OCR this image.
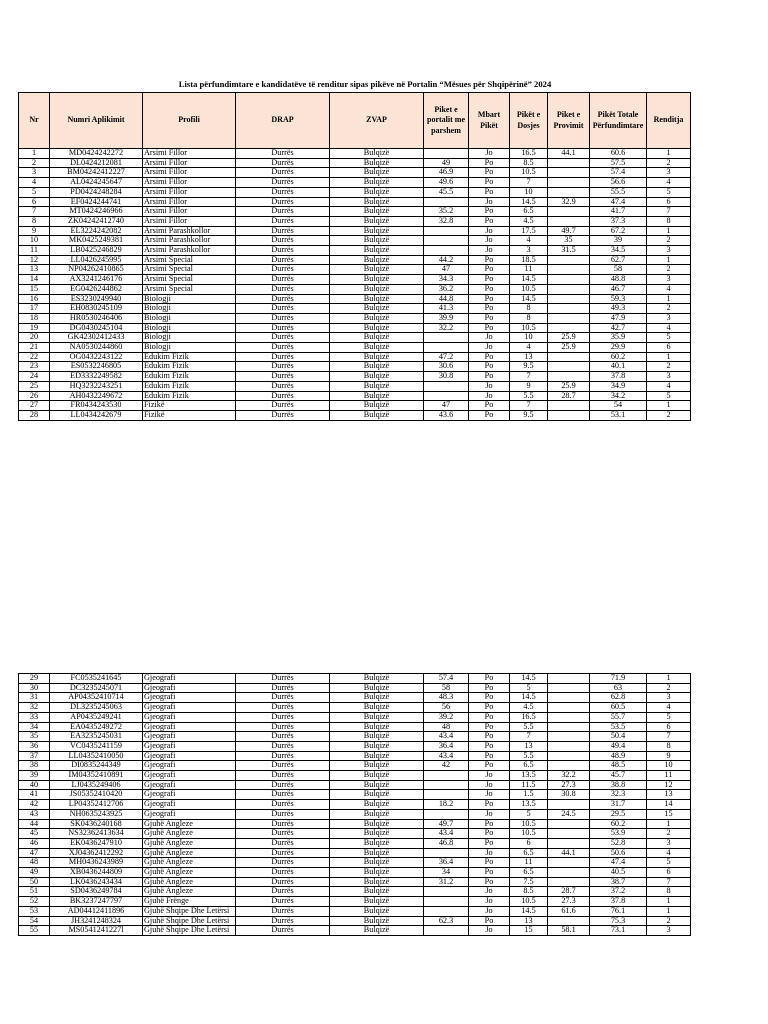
Lista përfundimtare e kandidatëve të renditur sipas pikëve në Portalin “Mësues për Shqipërinë” 2024
Nr	Numri Aplikimit	Profili	DRAP	ZVAP	Piket e portalit me parshem	Mbart Pikët	Pikët e Dosjes	Piket e Provimit	Pikët Totale Përfundimtare	Renditja
1	MD0424242272	Arsimi Fillor	Durrës	Bulqizë		Jo	16.5	44.1	60.6	1
2	DL0424212081	Arsimi Fillor	Durrës	Bulqizë	49	Po	8.5		57.5	2
3	BM04242412227	Arsimi Fillor	Durrës	Bulqizë	46.9	Po	10.5		57.4	3
4	AL0424245647	Arsimi Fillor	Durrës	Bulqizë	49.6	Po	7		56.6	4
5	PD0424248284	Arsimi Fillor	Durrës	Bulqizë	45.5	Po	10		55.5	5
6	EF0424244741	Arsimi Fillor	Durrës	Bulqizë		Jo	14.5	32.9	47.4	6
7	MT0424246966	Arsimi Fillor	Durrës	Bulqizë	35.2	Po	6.5		41.7	7
8	ZK04242412740	Arsimi Fillor	Durrës	Bulqizë	32.8	Po	4.5		37.3	8
9	EL3224242082	Arsimi Parashkollor	Durrës	Bulqizë		Jo	17.5	49.7	67.2	1
10	MK0425249381	Arsimi Parashkollor	Durrës	Bulqizë		Jo	4	35	39	2
11	LB0425246829	Arsimi Parashkollor	Durrës	Bulqizë		Jo	3	31.5	34.5	3
12	LL0426245995	Arsimi Special	Durrës	Bulqizë	44.2	Po	18.5		62.7	1
13	NP04262410865	Arsimi Special	Durrës	Bulqizë	47	Po	11		58	2
14	AX3241246176	Arsimi Special	Durrës	Bulqizë	34.3	Po	14.5		48.8	3
15	EG0426244862	Arsimi Special	Durrës	Bulqizë	36.2	Po	10.5		46.7	4
16	ES3230249940	Biologji	Durrës	Bulqizë	44.8	Po	14.5		59.3	1
17	EH0830245109	Biologji	Durrës	Bulqizë	41.3	Po	8		49.3	2
18	HR0530246406	Biologji	Durrës	Bulqizë	39.9	Po	8		47.9	3
19	DG0430245104	Biologji	Durrës	Bulqizë	32.2	Po	10.5		42.7	4
20	GK42302412433	Biologji	Durrës	Bulqizë		Jo	10	25.9	35.9	5
21	NA0530244860	Biologji	Durrës	Bulqizë		Jo	4	25.9	29.9	6
22	OG0432243122	Edukim Fizik	Durrës	Bulqizë	47.2	Po	13		60.2	1
23	ES0532246805	Edukim Fizik	Durrës	Bulqizë	30.6	Po	9.5		40.1	2
24	ED3332249582	Edukim Fizik	Durrës	Bulqizë	30.8	Po	7		37.8	3
25	HQ3232243251	Edukim Fizik	Durrës	Bulqizë		Jo	9	25.9	34.9	4
26	AH0432249672	Edukim Fizik	Durrës	Bulqizë		Jo	5.5	28.7	34.2	5
27	FR0434243530	Fizikë	Durrës	Bulqizë	47	Po	7		54	1
28	LL0434242679	Fizikë	Durrës	Bulqizë	43.6	Po	9.5		53.1	2
29	FC0535241645	Gjeografi	Durrës	Bulqizë	57.4	Po	14.5		71.9	1
30	DC3235245071	Gjeografi	Durrës	Bulqizë	58	Po	5		63	2
31	AP04352410714	Gjeografi	Durrës	Bulqizë	48.3	Po	14.5		62.8	3
32	DL3235245063	Gjeografi	Durrës	Bulqizë	56	Po	4.5		60.5	4
33	AP0435249241	Gjeografi	Durrës	Bulqizë	39.2	Po	16.5		55.7	5
34	EA0435249272	Gjeografi	Durrës	Bulqizë	48	Po	5.5		53.5	6
35	EA3235245031	Gjeografi	Durrës	Bulqizë	43.4	Po	7		50.4	7
36	VC0435241159	Gjeografi	Durrës	Bulqizë	36.4	Po	13		49.4	8
37	LL04352410050	Gjeografi	Durrës	Bulqizë	43.4	Po	5.5		48.9	9
38	DI0835244349	Gjeografi	Durrës	Bulqizë	42	Po	6.5		48.5	10
39	IM04352410891	Gjeografi	Durrës	Bulqizë		Jo	13.5	32.2	45.7	11
40	LJ0435249406	Gjeografi	Durrës	Bulqizë		Jo	11.5	27.3	38.8	12
41	JS05352410420	Gjeografi	Durrës	Bulqizë		Jo	1.5	30.8	32.3	13
42	LP04352412706	Gjeografi	Durrës	Bulqizë	18.2	Po	13.5		31.7	14
43	NH0635243925	Gjeografi	Durrës	Bulqizë		Jo	5	24.5	29.5	15
44	SK0436240168	Gjuhë Angleze	Durrës	Bulqizë	49.7	Po	10.5		60.2	1
45	NS32362413634	Gjuhë Angleze	Durrës	Bulqizë	43.4	Po	10.5		53.9	2
46	EK0436247910	Gjuhë Angleze	Durrës	Bulqizë	46.8	Po	6		52.8	3
47	XJ04362412292	Gjuhë Angleze	Durrës	Bulqizë		Jo	6.5	44.1	50.6	4
48	MH0436243989	Gjuhë Angleze	Durrës	Bulqizë	36.4	Po	11		47.4	5
49	XB0436244809	Gjuhë Angleze	Durrës	Bulqizë	34	Po	6.5		40.5	6
50	LK0436243434	Gjuhë Angleze	Durrës	Bulqizë	31.2	Po	7.5		38.7	7
51	SD0436249784	Gjuhë Angleze	Durrës	Bulqizë		Jo	8.5	28.7	37.2	8
52	BK3237247797	Gjuhë Frënge	Durrës	Bulqizë		Jo	10.5	27.3	37.8	1
53	AD04412411896	Gjuhë Shqipe Dhe Letërsi	Durrës	Bulqizë		Jo	14.5	61.6	76.1	1
54	JH3241248324	Gjuhë Shqipe Dhe Letërsi	Durrës	Bulqizë	62.3	Po	13		75.3	2
55	MS0541241227l	Gjuhë Shqipe Dhe Letërsi	Durrës	Bulqizë		Jo	15	58.1	73.1	3
